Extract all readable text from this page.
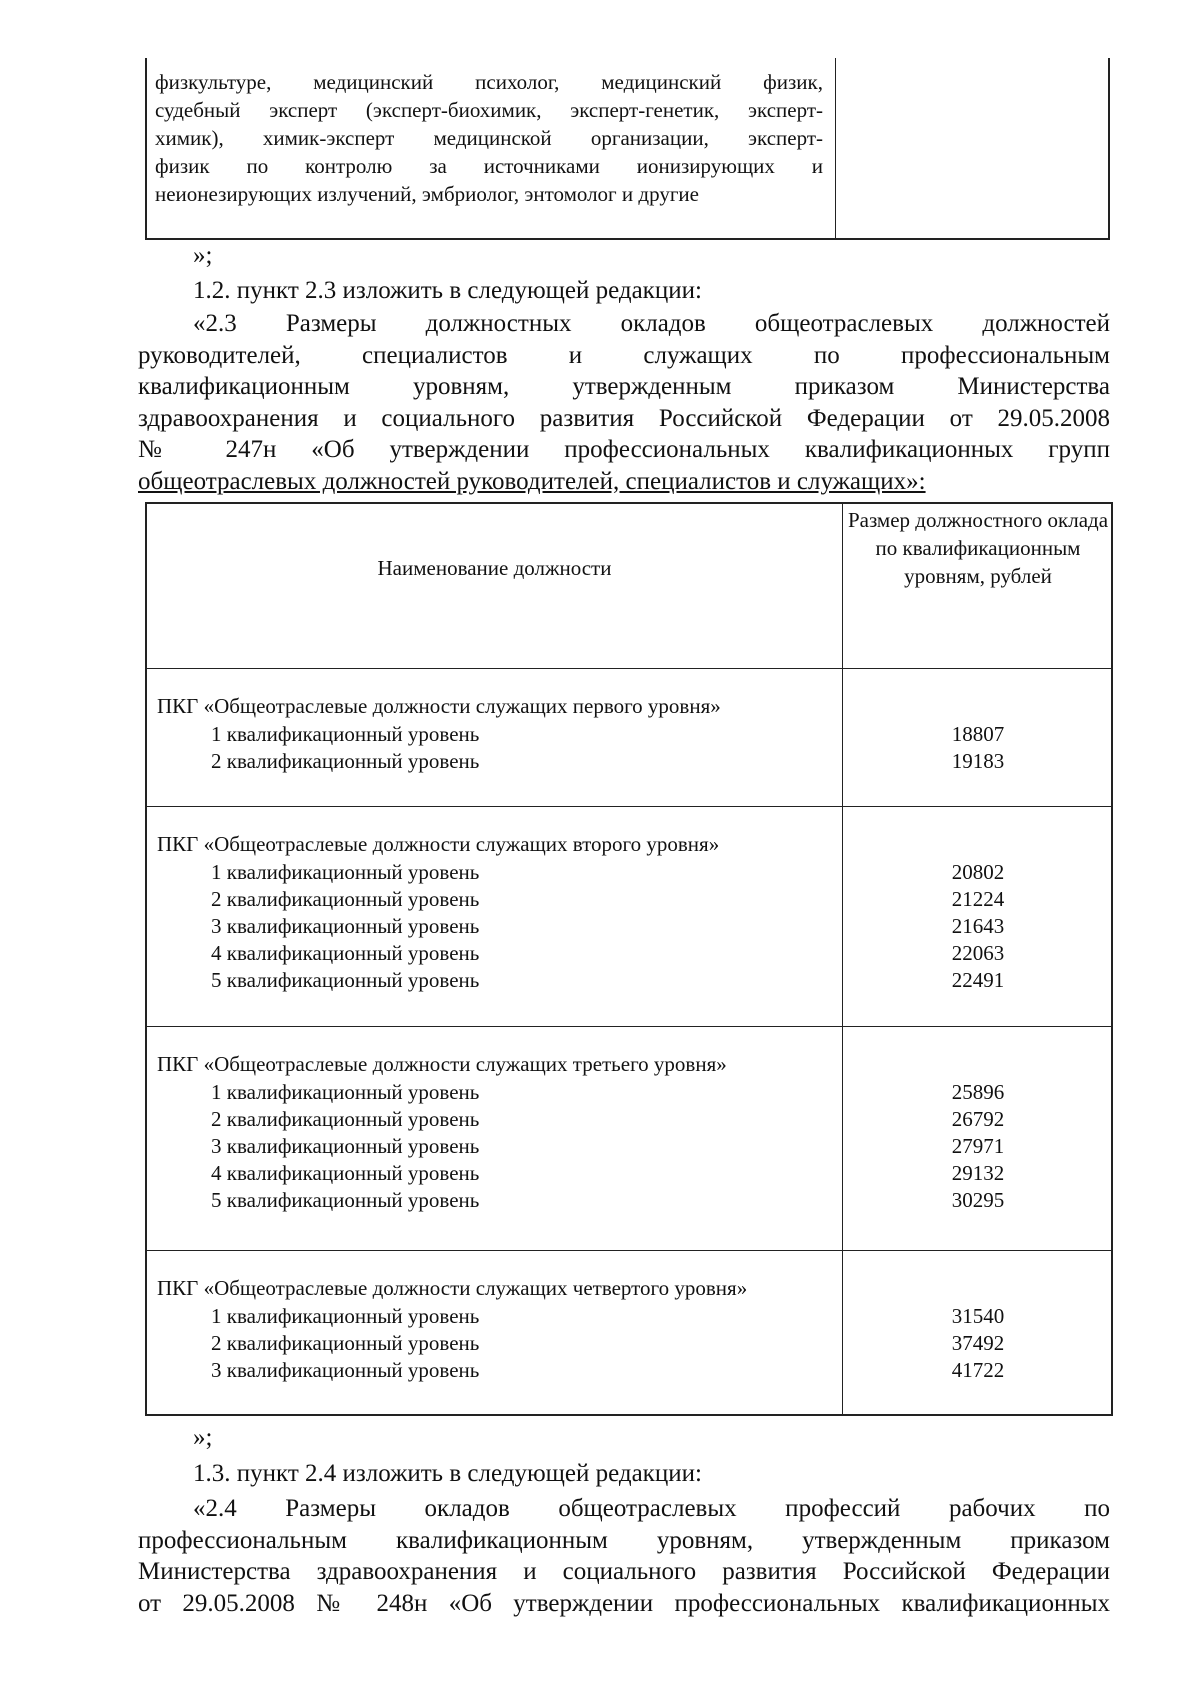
физкультуре, медицинский психолог, медицинский физик,
судебный эксперт (эксперт-биохимик, эксперт-генетик, эксперт-
химик), химик-эксперт медицинской организации, эксперт-
физик по контролю за источниками ионизирующих и
неионезирующих излучений, эмбриолог, энтомолог и другие
»;
1.2. пункт 2.3 изложить в следующей редакции:
«2.3 Размеры должностных окладов общеотраслевых должностей
руководителей, специалистов и служащих по профессиональным
квалификационным уровням, утвержденным приказом Министерства
здравоохранения и социального развития Российской Федерации от 29.05.2008
№ 247н «Об утверждении профессиональных квалификационных групп
общеотраслевых должностей руководителей, специалистов и служащих»:
Наименование должности
Размер должностного оклада по квалификационным уровням, рублей
ПКГ «Общеотраслевые должности служащих первого уровня»
1 квалификационный уровень	18807
2 квалификационный уровень	19183
ПКГ «Общеотраслевые должности служащих второго уровня»
1 квалификационный уровень	20802
2 квалификационный уровень	21224
3 квалификационный уровень	21643
4 квалификационный уровень	22063
5 квалификационный уровень	22491
ПКГ «Общеотраслевые должности служащих третьего уровня»
1 квалификационный уровень	25896
2 квалификационный уровень	26792
3 квалификационный уровень	27971
4 квалификационный уровень	29132
5 квалификационный уровень	30295
ПКГ «Общеотраслевые должности служащих четвертого уровня»
1 квалификационный уровень	31540
2 квалификационный уровень	37492
3 квалификационный уровень	41722
»;
1.3. пункт 2.4 изложить в следующей редакции:
«2.4 Размеры окладов общеотраслевых профессий рабочих по
профессиональным квалификационным уровням, утвержденным приказом
Министерства здравоохранения и социального развития Российской Федерации
от 29.05.2008 № 248н «Об утверждении профессиональных квалификационных
